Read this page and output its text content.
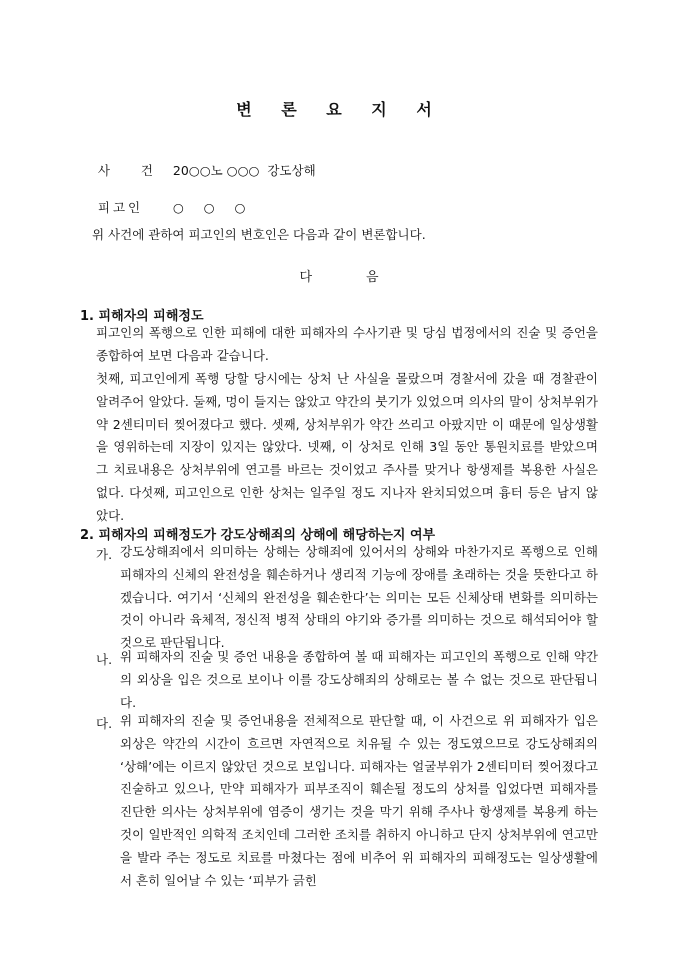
변 론 요 지 서

사    건 20○○노 ○○○  강도상해

피고인 ○     ○     ○

위 사건에 관하여 피고인의 변호인은 다음과 같이 변론합니다.
다	음
1. 피해자의 피해정도
피고인의 폭행으로 인한 피해에 대한 피해자의 수사기관 및 당심 법정에서의 진술 및 증언을 종합하여 보면 다음과 같습니다.
첫째, 피고인에게 폭행 당할 당시에는 상처 난 사실을 몰랐으며 경찰서에 갔을 때 경찰관이 알려주어 알았다. 둘째, 멍이 들지는 않았고 약간의 붓기가 있었으며 의사의 말이 상처부위가 약 2센티미터 찢어졌다고 했다. 셋째, 상처부위가 약간 쓰리고 아팠지만 이 때문에 일상생활을 영위하는데 지장이 있지는 않았다. 넷째, 이 상처로 인해 3일 동안 통원치료를 받았으며 그 치료내용은 상처부위에 연고를 바르는 것이었고 주사를 맞거나 항생제를 복용한 사실은 없다. 다섯째, 피고인으로 인한 상처는 일주일 정도 지나자 완치되었으며 흉터 등은 남지 않았다.
2. 피해자의 피해정도가 강도상해죄의 상해에 해당하는지 여부
가. 강도상해죄에서 의미하는 상해는 상해죄에 있어서의 상해와 마찬가지로 폭행으로 인해 피해자의 신체의 완전성을 훼손하거나 생리적 기능에 장애를 초래하는 것을 뜻한다고 하겠습니다. 여기서 ‘신체의 완전성을 훼손한다’는 의미는 모든 신체상태 변화를 의미하는 것이 아니라 육체적, 정신적 병적 상태의 야기와 증가를 의미하는 것으로 해석되어야 할 것으로 판단됩니다.
나. 위 피해자의 진술 및 증언 내용을 종합하여 볼 때 피해자는 피고인의 폭행으로 인해 약간의 외상을 입은 것으로 보이나 이를 강도상해죄의 상해로는 볼 수 없는 것으로 판단됩니다.
다. 위 피해자의 진술 및 증언내용을 전체적으로 판단할 때, 이 사건으로 위 피해자가 입은 외상은 약간의 시간이 흐르면 자연적으로 치유될 수 있는 정도였으므로 강도상해죄의 ‘상해’에는 이르지 않았던 것으로 보입니다. 피해자는 얼굴부위가 2센티미터 찢어졌다고 진술하고 있으나, 만약 피해자가 피부조직이 훼손될 정도의 상처를 입었다면 피해자를 진단한 의사는 상처부위에 염증이 생기는 것을 막기 위해 주사나 항생제를 복용케 하는 것이 일반적인 의학적 조치인데 그러한 조치를 취하지 아니하고 단지 상처부위에 연고만을 발라 주는 정도로 치료를 마쳤다는 점에 비추어 위 피해자의 피해정도는 일상생활에서 흔히 일어날 수 있는 ‘피부가 긁힌
